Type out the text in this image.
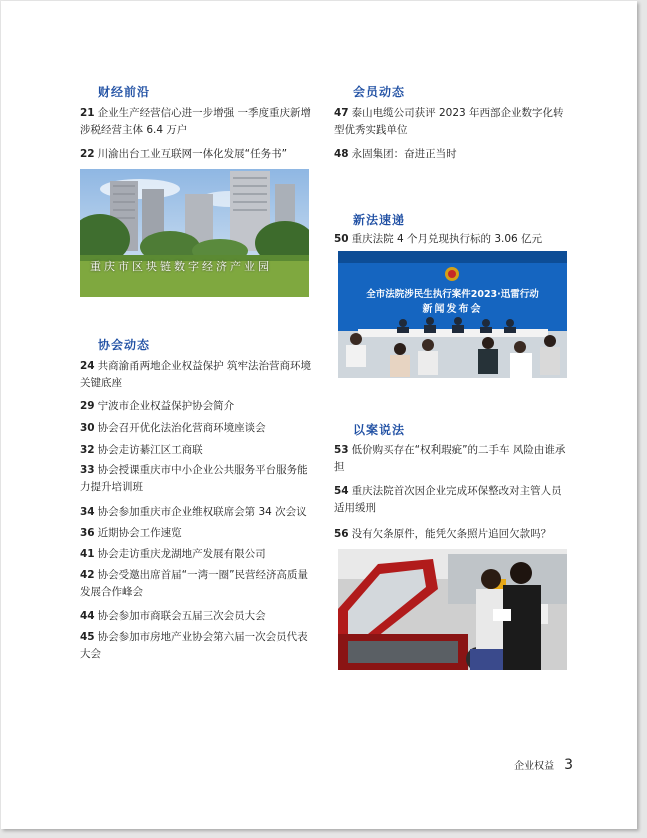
财经前沿
21 企业生产经营信心进一步增强 一季度重庆新增涉税经营主体 6.4 万户
22 川渝出台工业互联网一体化发展“任务书”
重庆市区块链数字经济产业园
协会动态
24 共商渝甬两地企业权益保护 筑牢法治营商环境关键底座
29 宁波市企业权益保护协会简介
30 协会召开优化法治化营商环境座谈会
32 协会走访綦江区工商联
33 协会授课重庆市中小企业公共服务平台服务能力提升培训班
34 协会参加重庆市企业维权联席会第 34 次会议
36 近期协会工作速览
41 协会走访重庆龙湖地产发展有限公司
42 协会受邀出席首届“一湾一圈”民营经济高质量发展合作峰会
44 协会参加市商联会五届三次会员大会
45 协会参加市房地产业协会第六届一次会员代表大会
会员动态
47 泰山电缆公司获评 2023 年西部企业数字化转型优秀实践单位
48 永固集团：奋进正当时
新法速递
50 重庆法院 4 个月兑现执行标的 3.06 亿元
全市法院涉民生执行案件2023·迅雷行动
新闻发布会
以案说法
53 低价购买存在“权利瑕疵”的二手车 风险由谁承担
54 重庆法院首次因企业完成环保整改对主管人员适用缓刑
56 没有欠条原件，能凭欠条照片追回欠款吗？
企业权益 3
